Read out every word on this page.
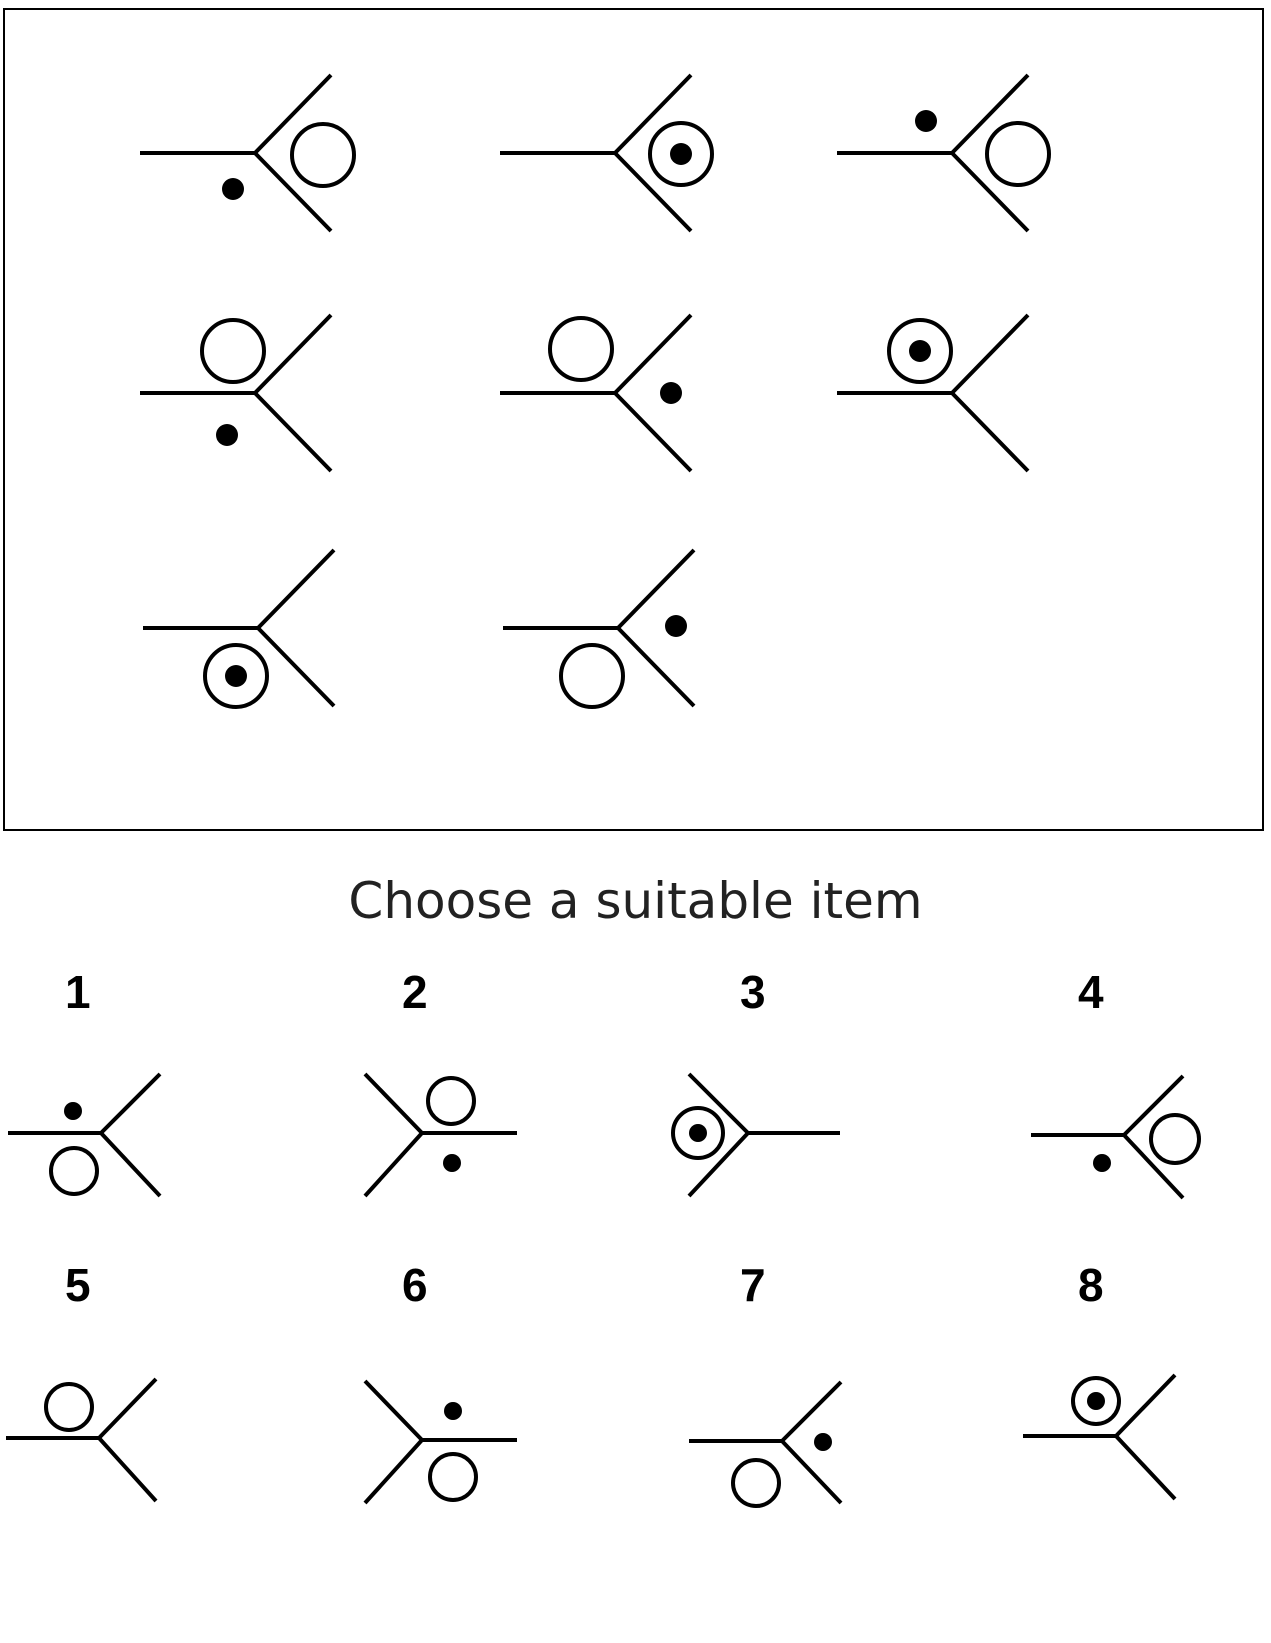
Choose a suitable item
1	2	3	4
5	6	7	8
